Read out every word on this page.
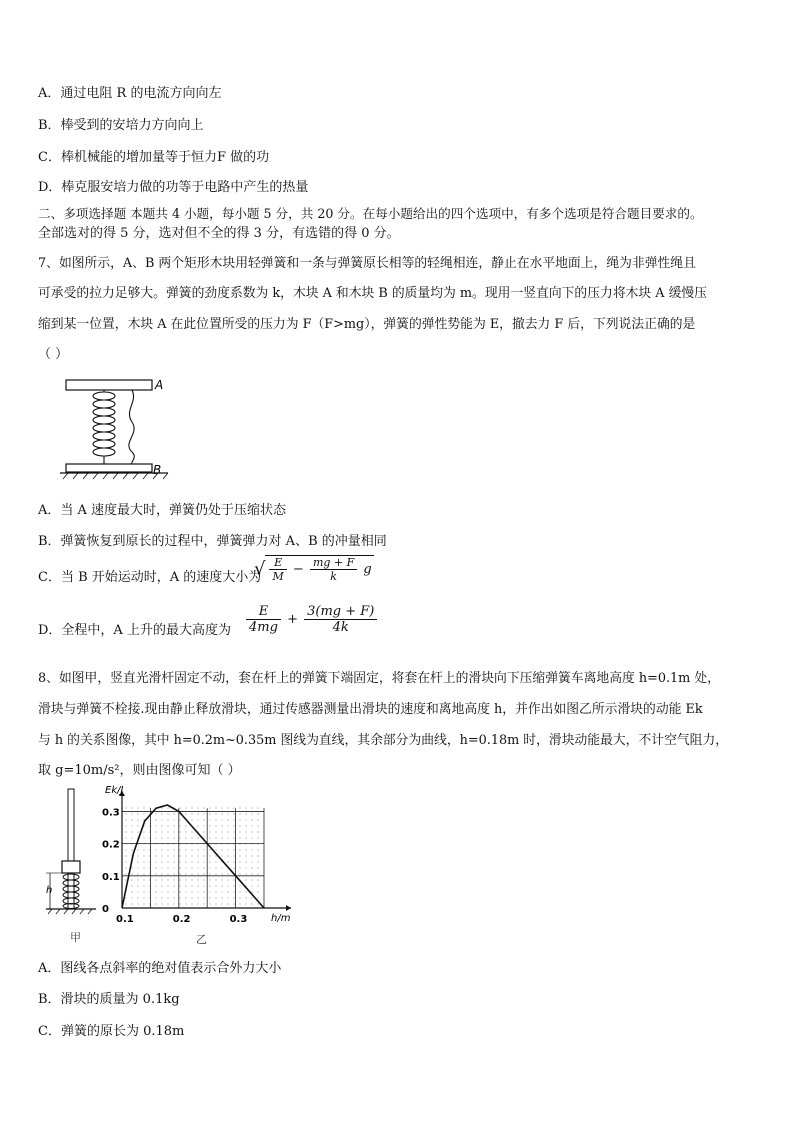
A．通过电阻 R 的电流方向向左
B．棒受到的安培力方向向上
C．棒机械能的增加量等于恒力F 做的功
D．棒克服安培力做的功等于电路中产生的热量
二、多项选择题 本题共 4 小题，每小题 5 分，共 20 分。在每小题给出的四个选项中，有多个选项是符合题目要求的。
全部选对的得 5 分，选对但不全的得 3 分，有选错的得 0 分。
7、如图所示，A、B 两个矩形木块用轻弹簧和一条与弹簧原长相等的轻绳相连，静止在水平地面上，绳为非弹性绳且
可承受的拉力足够大。弹簧的劲度系数为 k，木块 A 和木块 B 的质量均为 m。现用一竖直向下的压力将木块 A 缓慢压
缩到某一位置，木块 A 在此位置所受的压力为 F（F>mg），弹簧的弹性势能为 E，撤去力 F 后，下列说法正确的是
（ ）
A
B
A．当 A 速度最大时，弹簧仍处于压缩状态
B．弹簧恢复到原长的过程中，弹簧弹力对 A、B 的冲量相同
C．当 B 开始运动时，A 的速度大小为
√ $\frac{E}{M} - \frac{mg + F}{k}$ g
D．全程中，A 上升的最大高度为 $\frac{E}{4mg} + \frac{3(mg + F)}{4k}$
8、如图甲，竖直光滑杆固定不动，套在杆上的弹簧下端固定，将套在杆上的滑块向下压缩弹簧车离地高度 h=0.1m 处，
滑块与弹簧不栓接.现由静止释放滑块，通过传感器测量出滑块的速度和离地高度 h，并作出如图乙所示滑块的动能 Ek
与 h 的关系图像，其中 h=0.2m~0.35m 图线为直线，其余部分为曲线，h=0.18m 时，滑块动能最大，不计空气阻力，
取 g=10m/s²，则由图像可知（ ）
h
甲
0.1	0.2	0.3
0
0.1
0.2
0.3
Ek/J
h/m
乙
A．图线各点斜率的绝对值表示合外力大小
B．滑块的质量为 0.1kg
C．弹簧的原长为 0.18m
